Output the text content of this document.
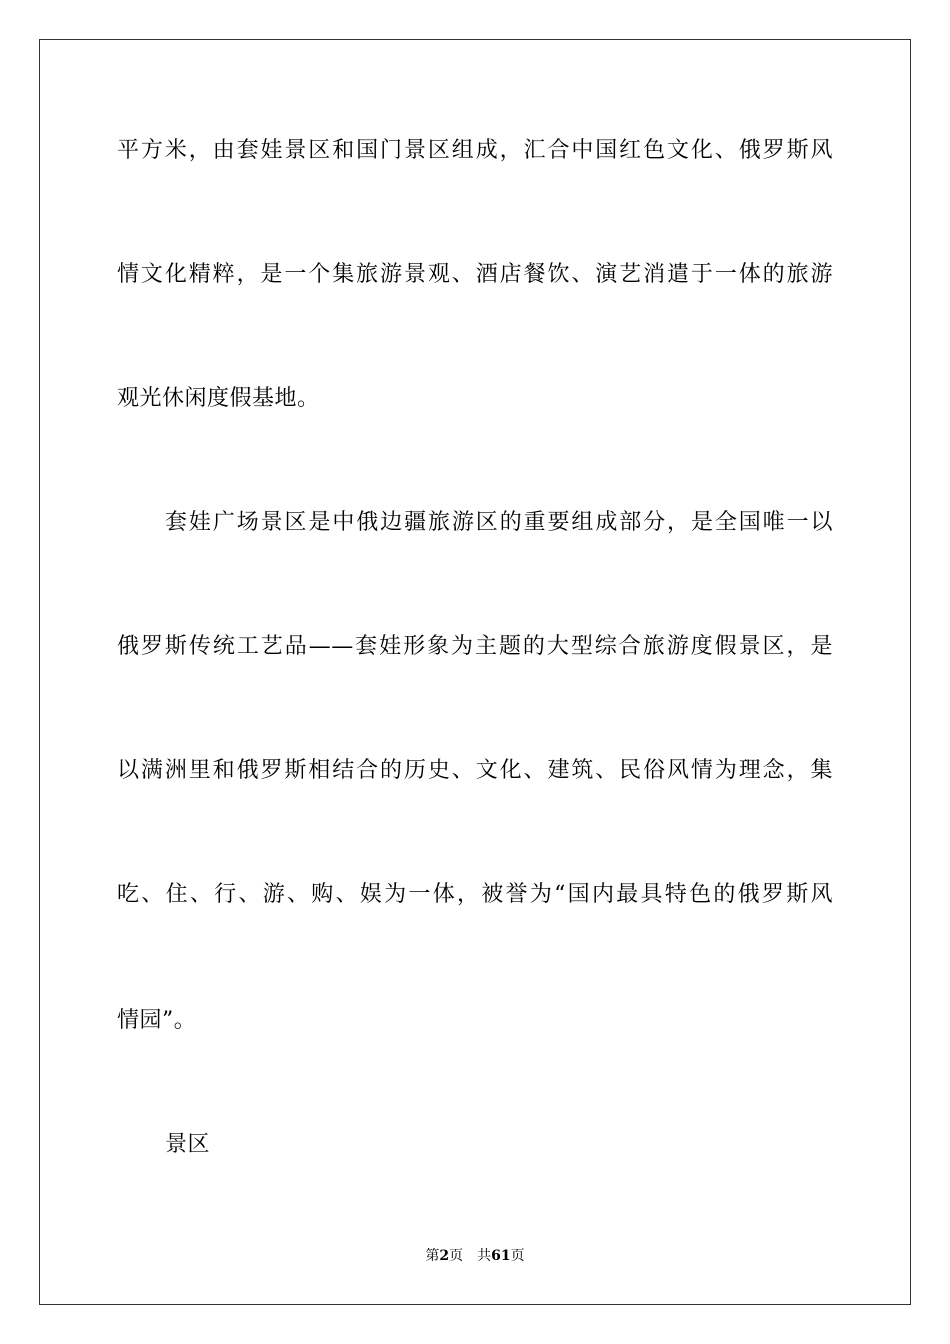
平方米，由套娃景区和国门景区组成，汇合中国红色文化、俄罗斯风
情文化精粹，是一个集旅游景观、酒店餐饮、演艺消遣于一体的旅游
观光休闲度假基地。
套娃广场景区是中俄边疆旅游区的重要组成部分，是全国唯一以
俄罗斯传统工艺品——套娃形象为主题的大型综合旅游度假景区，是
以满洲里和俄罗斯相结合的历史、文化、建筑、民俗风情为理念，集
吃、住、行、游、购、娱为一体，被誉为“国内最具特色的俄罗斯风
情园”。
景区
第2页 共61页
